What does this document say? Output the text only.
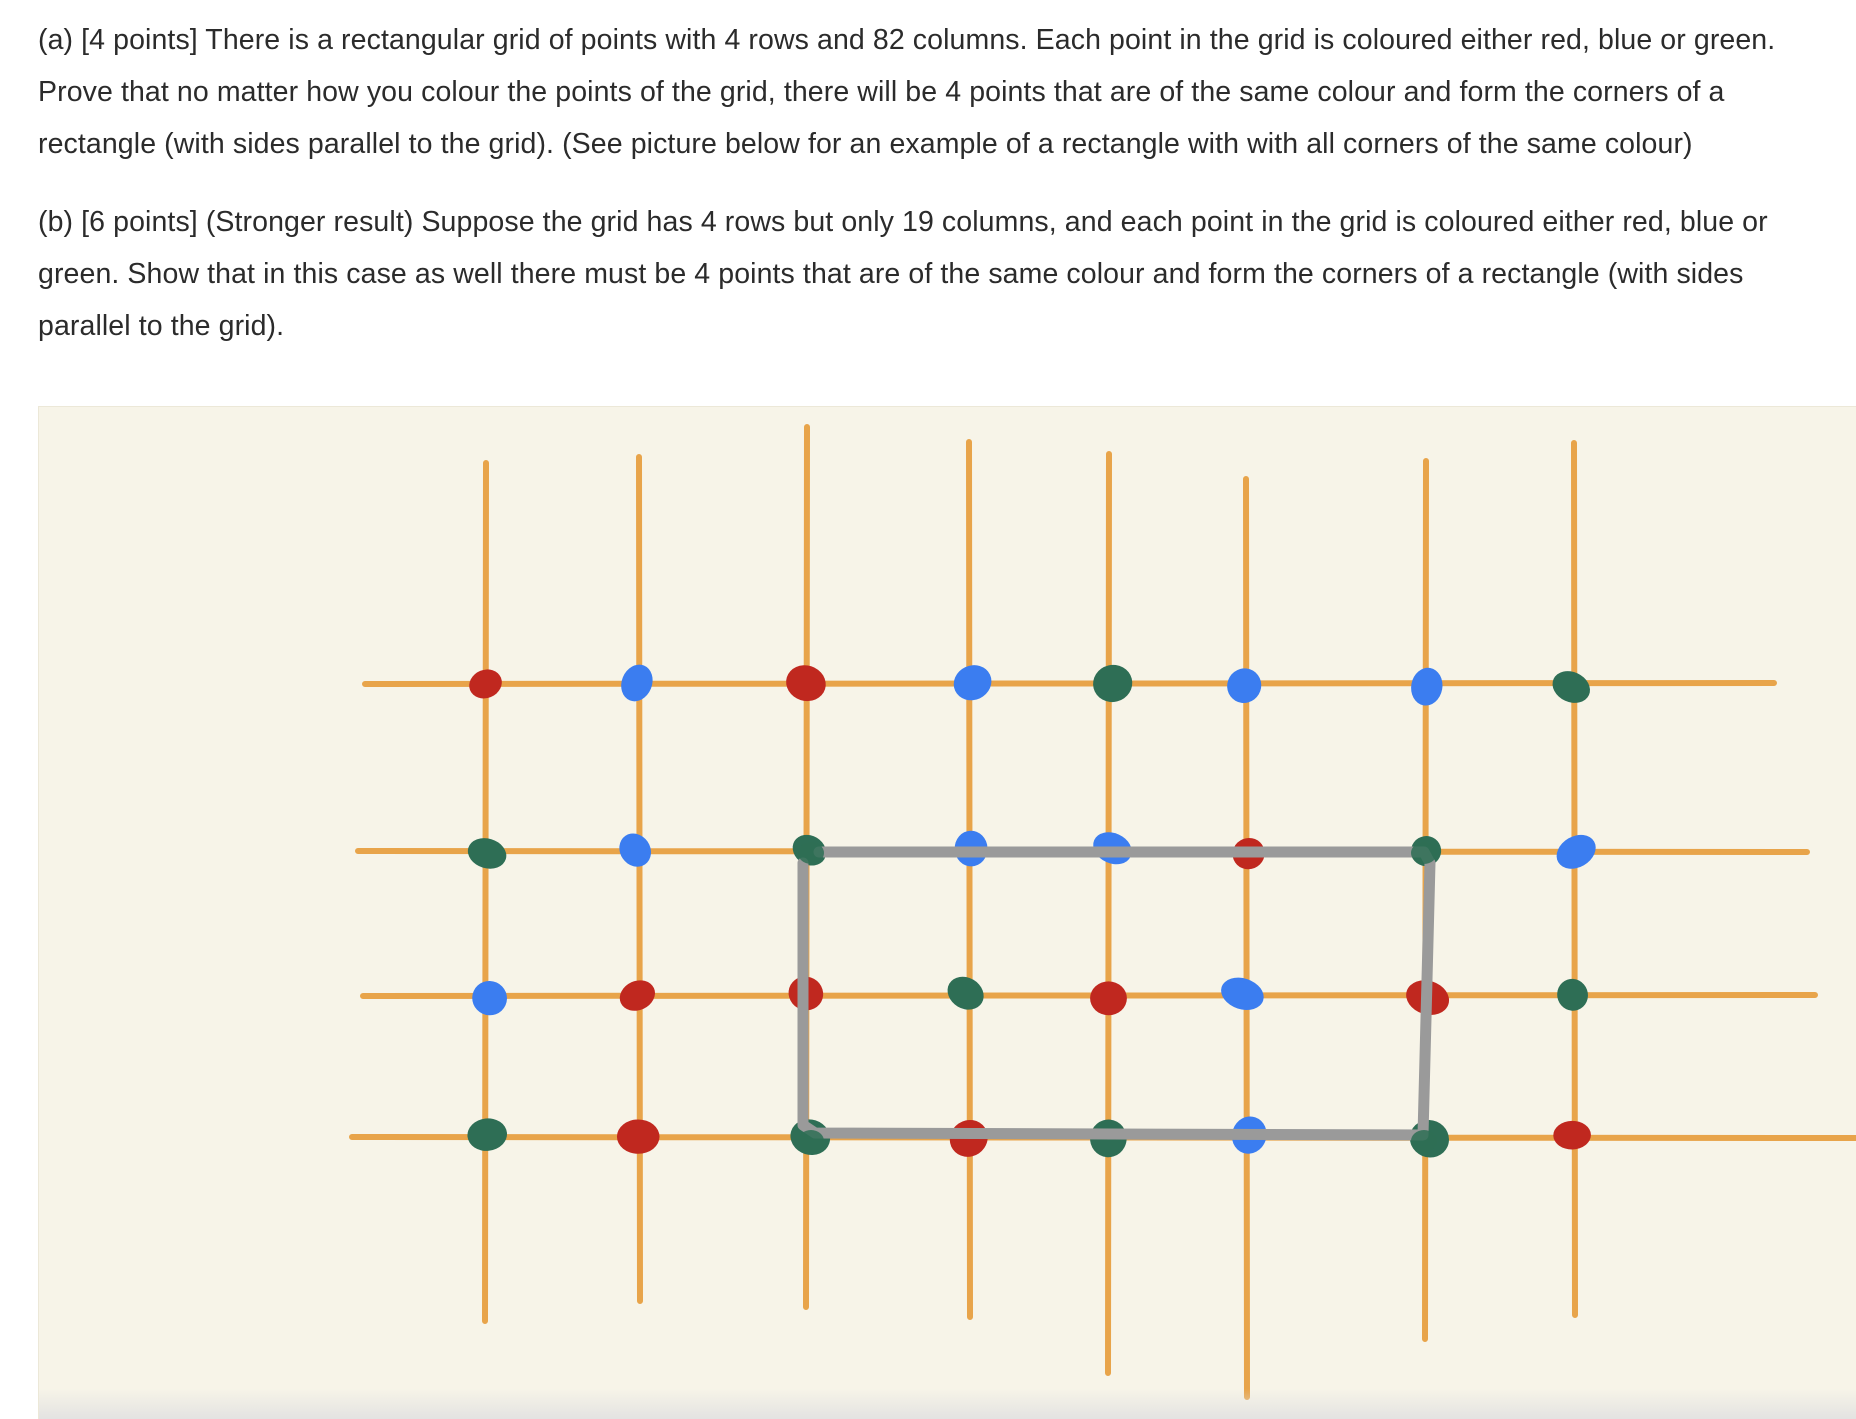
(a) [4 points] There is a rectangular grid of points with 4 rows and 82 columns. Each point in the grid is coloured either red, blue or green. Prove that no matter how you colour the points of the grid, there will be 4 points that are of the same colour and form the corners of a rectangle (with sides parallel to the grid). (See picture below for an example of a rectangle with with all corners of the same colour)

(b) [6 points] (Stronger result) Suppose the grid has 4 rows but only 19 columns, and each point in the grid is coloured either red, blue or green. Show that in this case as well there must be 4 points that are of the same colour and form the corners of a rectangle (with sides parallel to the grid).
